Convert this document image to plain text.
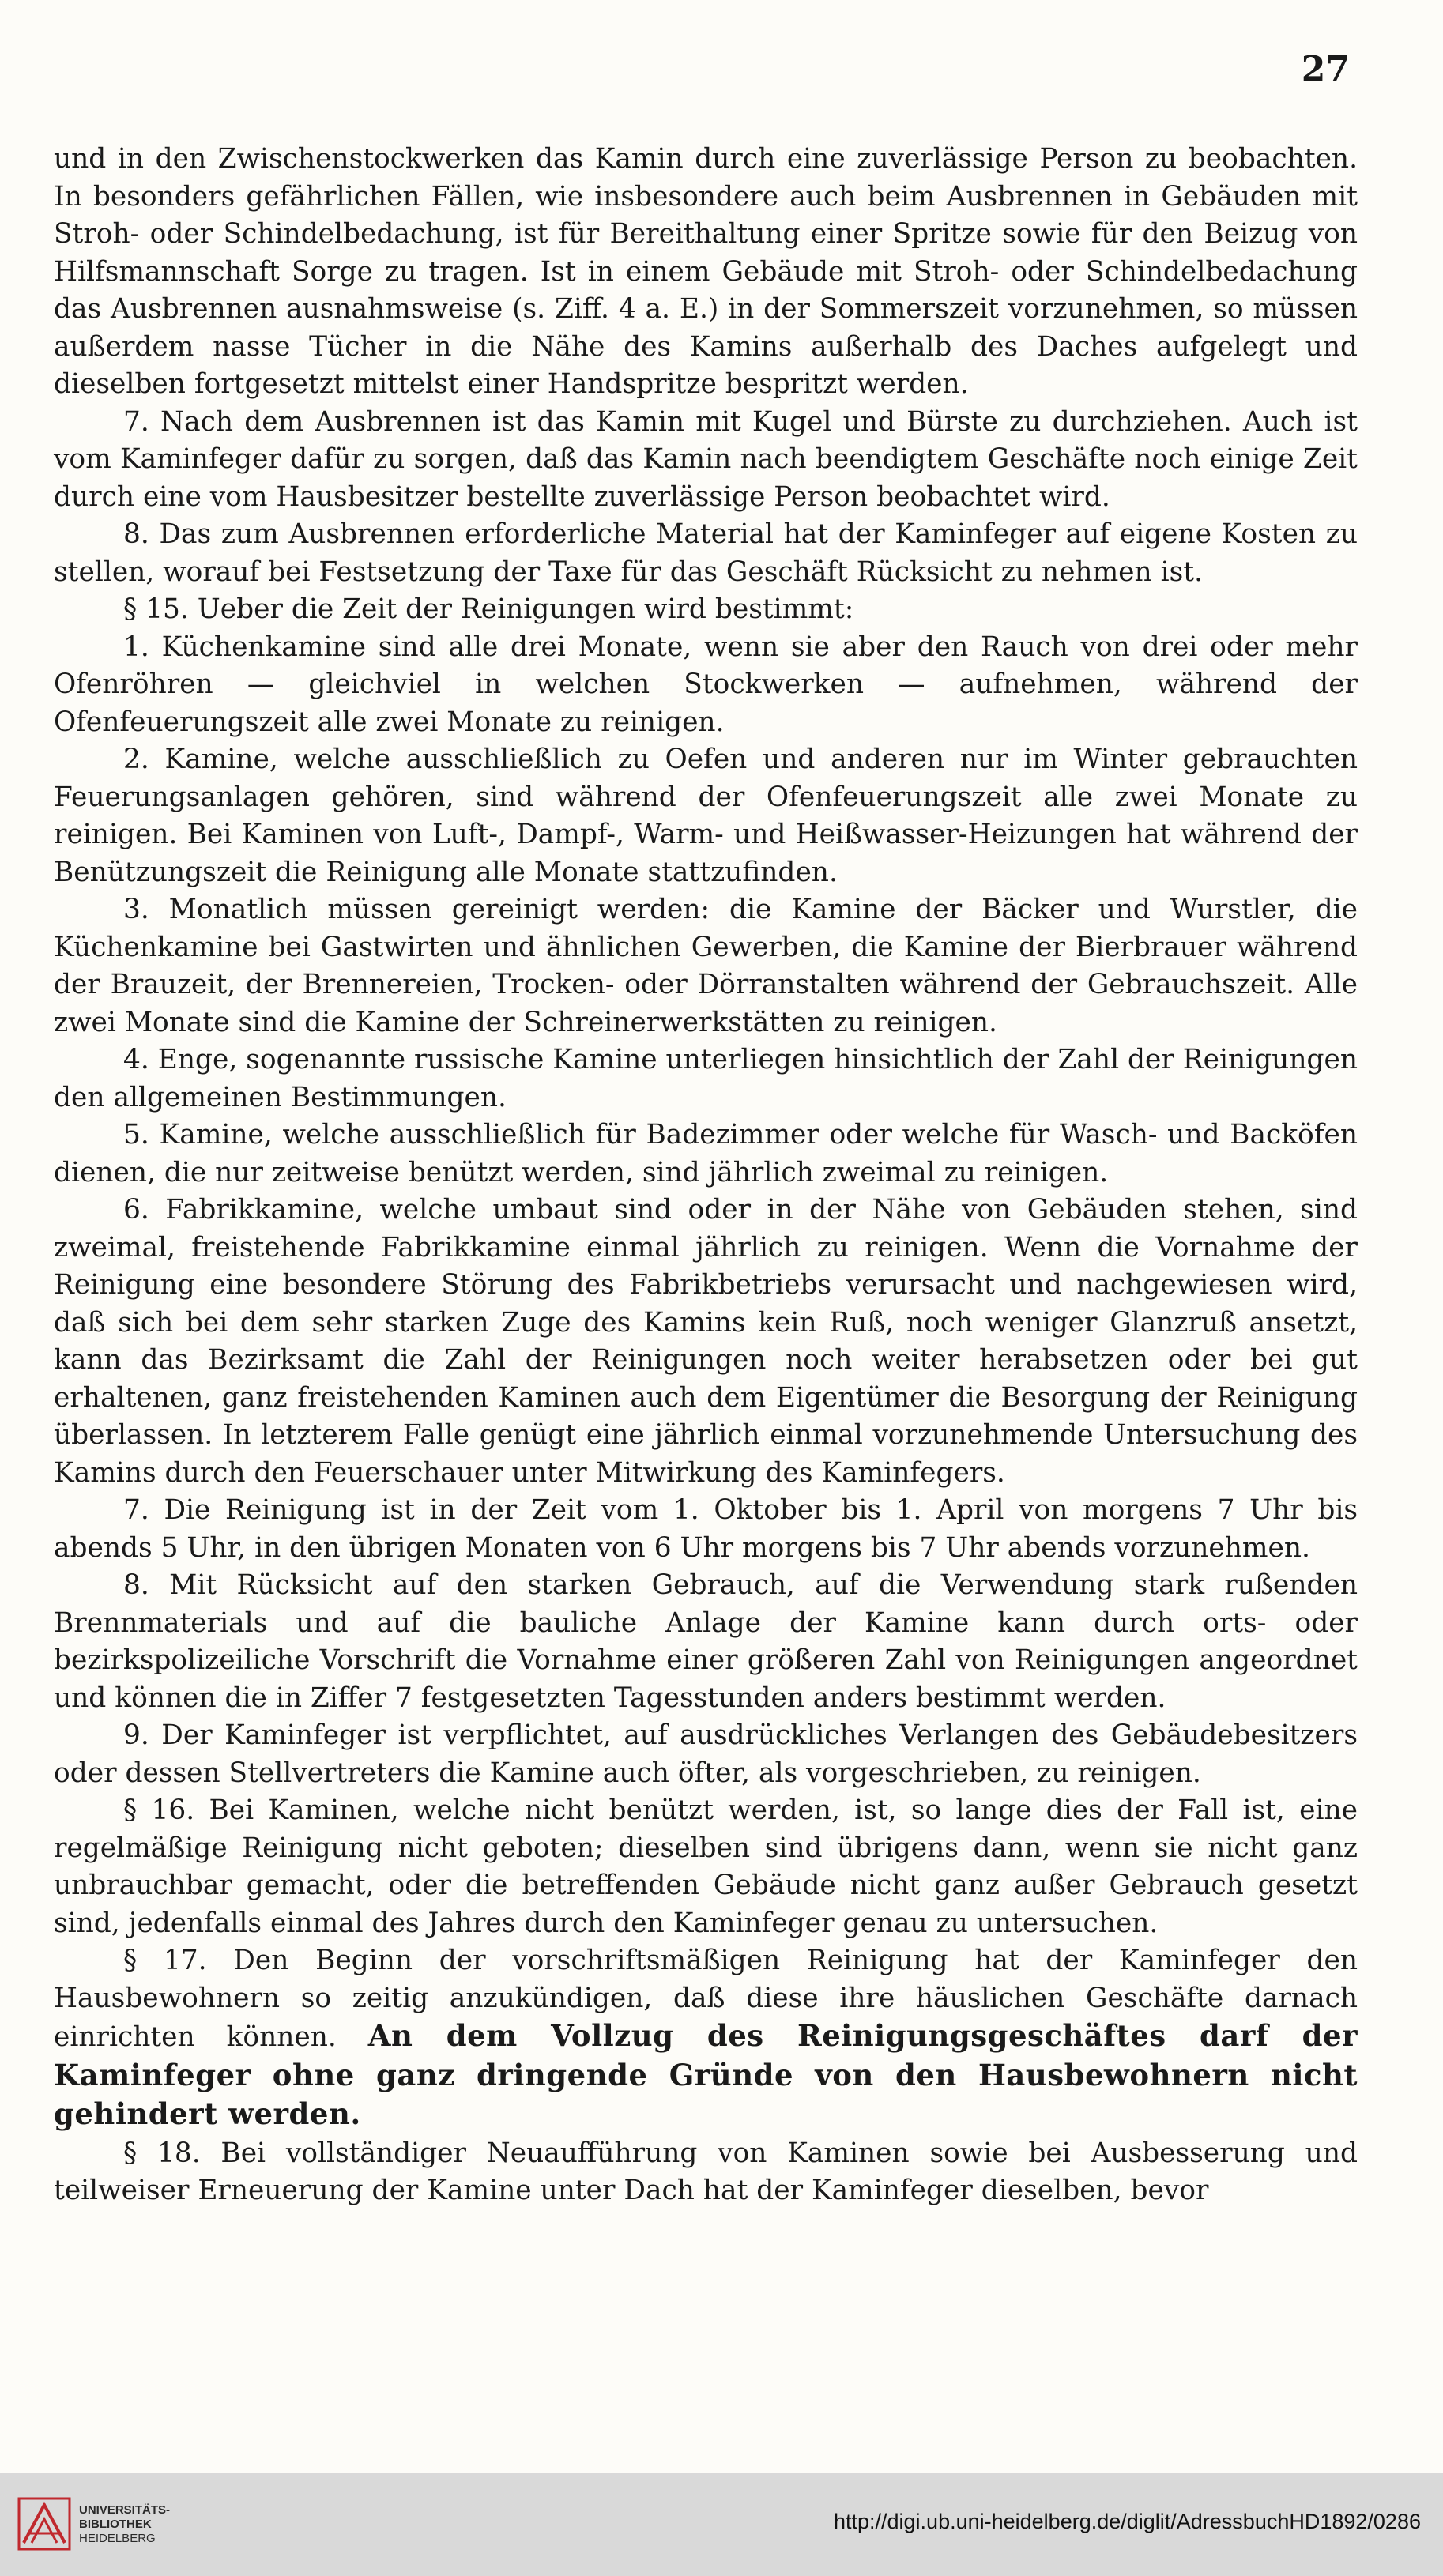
27

und in den Zwischenstockwerken das Kamin durch eine zuverlässige Person zu beobachten. In besonders gefährlichen Fällen, wie insbesondere auch beim Ausbrennen in Gebäuden mit Stroh- oder Schindelbedachung, ist für Bereithaltung einer Spritze sowie für den Beizug von Hilfsmannschaft Sorge zu tragen. Ist in einem Gebäude mit Stroh- oder Schindelbedachung das Ausbrennen ausnahmsweise (s. Ziff. 4 a. E.) in der Sommerszeit vorzunehmen, so müssen außerdem nasse Tücher in die Nähe des Kamins außerhalb des Daches aufgelegt und dieselben fortgesetzt mittelst einer Handspritze bespritzt werden.

7. Nach dem Ausbrennen ist das Kamin mit Kugel und Bürste zu durchziehen. Auch ist vom Kaminfeger dafür zu sorgen, daß das Kamin nach beendigtem Geschäfte noch einige Zeit durch eine vom Hausbesitzer bestellte zuverlässige Person beobachtet wird.

8. Das zum Ausbrennen erforderliche Material hat der Kaminfeger auf eigene Kosten zu stellen, worauf bei Festsetzung der Taxe für das Geschäft Rücksicht zu nehmen ist.

§ 15. Ueber die Zeit der Reinigungen wird bestimmt:

1. Küchenkamine sind alle drei Monate, wenn sie aber den Rauch von drei oder mehr Ofenröhren — gleichviel in welchen Stockwerken — aufnehmen, während der Ofenfeuerungszeit alle zwei Monate zu reinigen.

2. Kamine, welche ausschließlich zu Oefen und anderen nur im Winter gebrauchten Feuerungsanlagen gehören, sind während der Ofenfeuerungszeit alle zwei Monate zu reinigen. Bei Kaminen von Luft-, Dampf-, Warm- und Heißwasser-Heizungen hat während der Benützungszeit die Reinigung alle Monate stattzufinden.

3. Monatlich müssen gereinigt werden: die Kamine der Bäcker und Wurstler, die Küchenkamine bei Gastwirten und ähnlichen Gewerben, die Kamine der Bierbrauer während der Brauzeit, der Brennereien, Trocken- oder Dörranstalten während der Gebrauchszeit. Alle zwei Monate sind die Kamine der Schreinerwerkstätten zu reinigen.

4. Enge, sogenannte russische Kamine unterliegen hinsichtlich der Zahl der Reinigungen den allgemeinen Bestimmungen.

5. Kamine, welche ausschließlich für Badezimmer oder welche für Wasch- und Backöfen dienen, die nur zeitweise benützt werden, sind jährlich zweimal zu reinigen.

6. Fabrikkamine, welche umbaut sind oder in der Nähe von Gebäuden stehen, sind zweimal, freistehende Fabrikkamine einmal jährlich zu reinigen. Wenn die Vornahme der Reinigung eine besondere Störung des Fabrikbetriebs verursacht und nachgewiesen wird, daß sich bei dem sehr starken Zuge des Kamins kein Ruß, noch weniger Glanzruß ansetzt, kann das Bezirksamt die Zahl der Reinigungen noch weiter herabsetzen oder bei gut erhaltenen, ganz freistehenden Kaminen auch dem Eigentümer die Besorgung der Reinigung überlassen. In letzterem Falle genügt eine jährlich einmal vorzunehmende Untersuchung des Kamins durch den Feuerschauer unter Mitwirkung des Kaminfegers.

7. Die Reinigung ist in der Zeit vom 1. Oktober bis 1. April von morgens 7 Uhr bis abends 5 Uhr, in den übrigen Monaten von 6 Uhr morgens bis 7 Uhr abends vorzunehmen.

8. Mit Rücksicht auf den starken Gebrauch, auf die Verwendung stark rußenden Brennmaterials und auf die bauliche Anlage der Kamine kann durch orts- oder bezirkspolizeiliche Vorschrift die Vornahme einer größeren Zahl von Reinigungen angeordnet und können die in Ziffer 7 festgesetzten Tagesstunden anders bestimmt werden.

9. Der Kaminfeger ist verpflichtet, auf ausdrückliches Verlangen des Gebäudebesitzers oder dessen Stellvertreters die Kamine auch öfter, als vorgeschrieben, zu reinigen.

§ 16. Bei Kaminen, welche nicht benützt werden, ist, so lange dies der Fall ist, eine regelmäßige Reinigung nicht geboten; dieselben sind übrigens dann, wenn sie nicht ganz unbrauchbar gemacht, oder die betreffenden Gebäude nicht ganz außer Gebrauch gesetzt sind, jedenfalls einmal des Jahres durch den Kaminfeger genau zu untersuchen.

§ 17. Den Beginn der vorschriftsmäßigen Reinigung hat der Kaminfeger den Hausbewohnern so zeitig anzukündigen, daß diese ihre häuslichen Geschäfte darnach einrichten können. An dem Vollzug des Reinigungsgeschäftes darf der Kaminfeger ohne ganz dringende Gründe von den Hausbewohnern nicht gehindert werden.

§ 18. Bei vollständiger Neuaufführung von Kaminen sowie bei Ausbesserung und teilweiser Erneuerung der Kamine unter Dach hat der Kaminfeger dieselben, bevor

UNIVERSITÄTS-
BIBLIOTHEK
HEIDELBERG
http://digi.ub.uni-heidelberg.de/diglit/AdressbuchHD1892/0286
